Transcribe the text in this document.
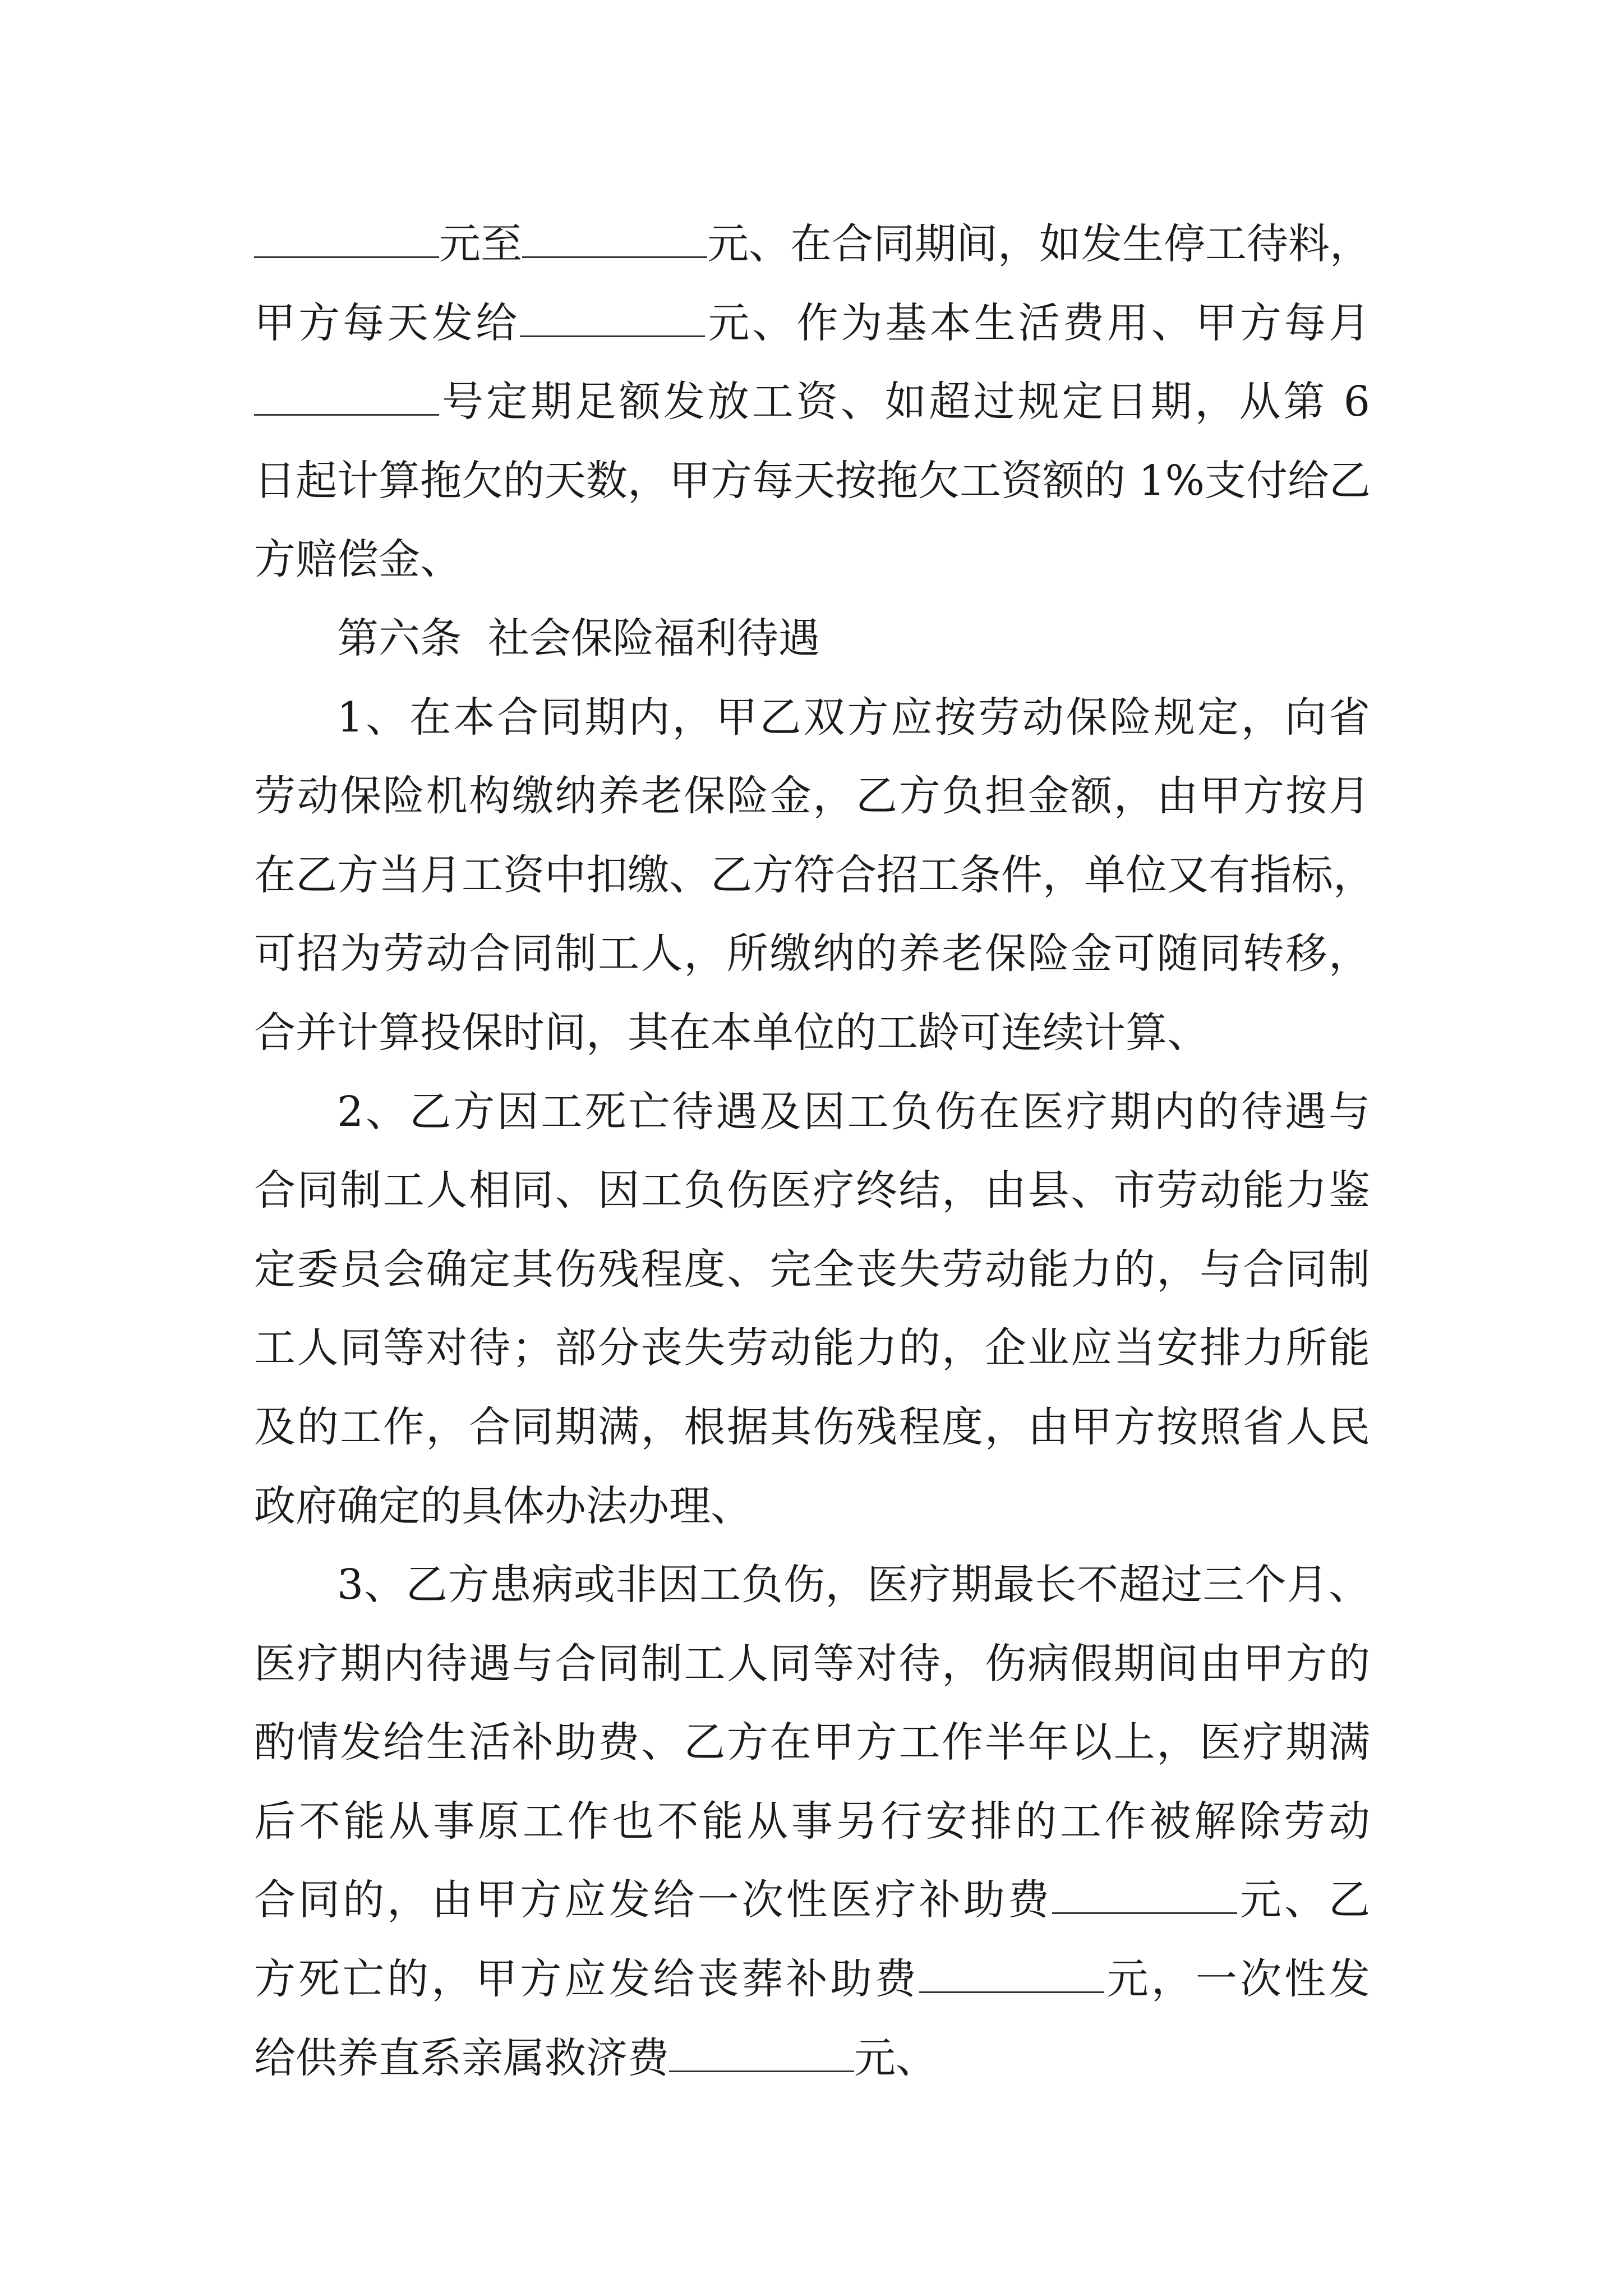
元至	元、在合同期间，如发生停工待料，
甲方每天发给	元、作为基本生活费用、甲方每月
号定期足额发放工资、如超过规定日期，从第 6
日起计算拖欠的天数，甲方每天按拖欠工资额的 1%支付给乙
方赔偿金、
第六条  社会保险福利待遇
1、在本合同期内，甲乙双方应按劳动保险规定，向省
劳动保险机构缴纳养老保险金，乙方负担金额，由甲方按月
在乙方当月工资中扣缴、乙方符合招工条件，单位又有指标，
可招为劳动合同制工人，所缴纳的养老保险金可随同转移，
合并计算投保时间，其在本单位的工龄可连续计算、
2、乙方因工死亡待遇及因工负伤在医疗期内的待遇与
合同制工人相同、因工负伤医疗终结，由县、市劳动能力鉴
定委员会确定其伤残程度、完全丧失劳动能力的，与合同制
工人同等对待；部分丧失劳动能力的，企业应当安排力所能
及的工作，合同期满，根据其伤残程度，由甲方按照省人民
政府确定的具体办法办理、
3、乙方患病或非因工负伤，医疗期最长不超过三个月、
医疗期内待遇与合同制工人同等对待，伤病假期间由甲方的
酌情发给生活补助费、乙方在甲方工作半年以上，医疗期满
后不能从事原工作也不能从事另行安排的工作被解除劳动
合同的，由甲方应发给一次性医疗补助费	元、乙
方死亡的，甲方应发给丧葬补助费	元，一次性发
给供养直系亲属救济费	元、
